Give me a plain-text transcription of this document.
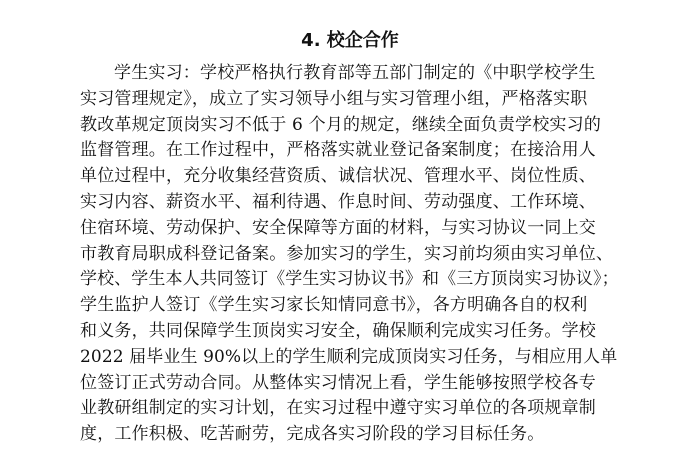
4. 校企合作
学生实习：学校严格执行教育部等五部门制定的《中职学校学生
实习管理规定》，成立了实习领导小组与实习管理小组，严格落实职
教改革规定顶岗实习不低于 6 个月的规定，继续全面负责学校实习的
监督管理。在工作过程中，严格落实就业登记备案制度；在接洽用人
单位过程中，充分收集经营资质、诚信状况、管理水平、岗位性质、
实习内容、薪资水平、福利待遇、作息时间、劳动强度、工作环境、
住宿环境、劳动保护、安全保障等方面的材料，与实习协议一同上交
市教育局职成科登记备案。参加实习的学生，实习前均须由实习单位、
学校、学生本人共同签订《学生实习协议书》和《三方顶岗实习协议》；
学生监护人签订《学生实习家长知情同意书》，各方明确各自的权利
和义务，共同保障学生顶岗实习安全，确保顺利完成实习任务。学校
2022 届毕业生 90%以上的学生顺利完成顶岗实习任务，与相应用人单
位签订正式劳动合同。从整体实习情况上看，学生能够按照学校各专
业教研组制定的实习计划，在实习过程中遵守实习单位的各项规章制
度，工作积极、吃苦耐劳，完成各实习阶段的学习目标任务。
